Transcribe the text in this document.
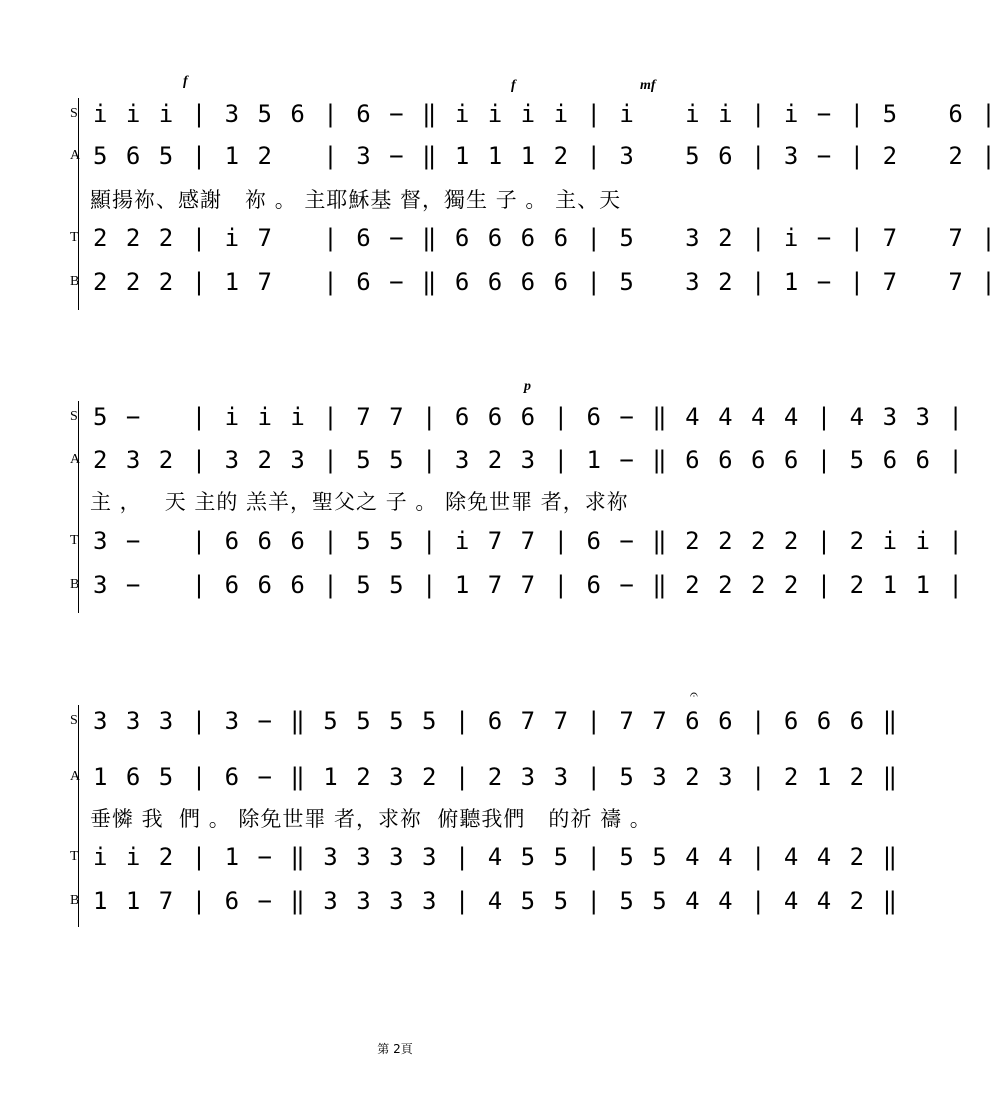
f	f	mf
S i i i | 3 5 6 | 6 − ‖ i i i i | i   i i | i − | 5   6 |
A 5 6 5 | 1 2   | 3 − ‖ 1 1 1 2 | 3   5 6 | 3 − | 2   2 |
顯揚祢、感謝   祢 。 主耶穌基 督，獨生 子 。 主、天
T 2 2 2 | i 7   | 6 − ‖ 6 6 6 6 | 5   3 2 | i − | 7   7 |
B 2 2 2 | 1 7   | 6 − ‖ 6 6 6 6 | 5   3 2 | 1 − | 7   7 |
p
S 5 −   | i i i | 7 7 | 6 6 6 | 6 − ‖ 4 4 4 4 | 4 3 3 |
A 2 3 2 | 3 2 3 | 5 5 | 3 2 3 | 1 − ‖ 6 6 6 6 | 5 6 6 |
主 ，   天 主的 羔羊，聖父之 子 。 除免世罪 者，求祢
T 3 −   | 6 6 6 | 5 5 | i 7 7 | 6 − ‖ 2 2 2 2 | 2 i i |
B 3 −   | 6 6 6 | 5 5 | 1 7 7 | 6 − ‖ 2 2 2 2 | 2 1 1 |
𝄐
S 3 3 3 | 3 − ‖ 5 5 5 5 | 6 7 7 | 7 7 6 6 | 6 6 6 ‖
A 1 6 5 | 6 − ‖ 1 2 3 2 | 2 3 3 | 5 3 2 3 | 2 1 2 ‖
垂憐 我  們 。 除免世罪 者，求祢  俯聽我們   的祈 禱 。
T i i 2 | 1 − ‖ 3 3 3 3 | 4 5 5 | 5 5 4 4 | 4 4 2 ‖
B 1 1 7 | 6 − ‖ 3 3 3 3 | 4 5 5 | 5 5 4 4 | 4 4 2 ‖
第 2頁
